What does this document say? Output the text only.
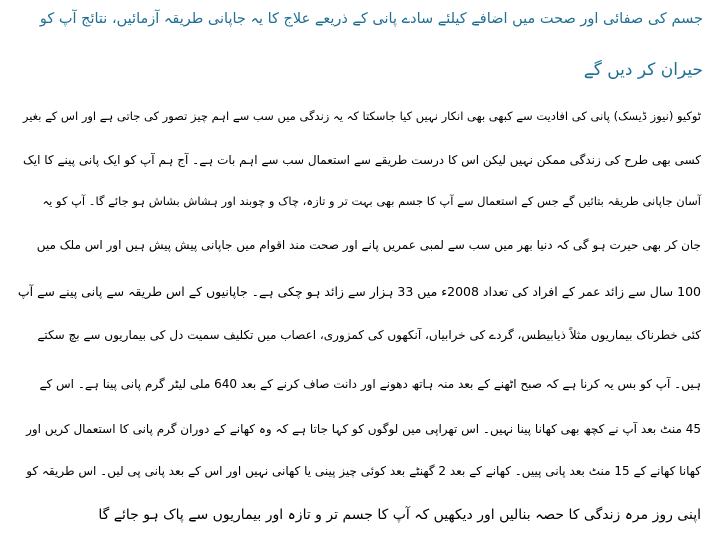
جسم کی صفائی اور صحت میں اضافے کیلئے سادے پانی کے ذریعے علاج کا یہ جاپانی طریقہ آزمائیں، نتائج آپ کو
حیران کر دیں گے
ٹوکیو (نیوز ڈیسک) پانی کی افادیت سے کبھی بھی انکار نہیں کیا جاسکتا کہ یہ زندگی میں سب سے اہم چیز تصور کی جاتی ہے اور اس کے بغیر
کسی بھی طرح کی زندگی ممکن نہیں لیکن اس کا درست طریقے سے استعمال سب سے اہم بات ہے۔ آج ہم آپ کو ایک پانی پینے کا ایک
آسان جاپانی طریقہ بتائیں گے جس کے استعمال سے آپ کا جسم بھی بہت تر و تازہ، چاک و چوبند اور ہشاش بشاش ہو جائے گا۔ آپ کو یہ
جان کر بھی حیرت ہو گی کہ دنیا بھر میں سب سے لمبی عمریں پانے اور صحت مند اقوام میں جاپانی پیش پیش ہیں اور اس ملک میں
100 سال سے زائد عمر کے افراد کی تعداد 2008ء میں 33 ہزار سے زائد ہو چکی ہے۔ جاپانیوں کے اس طریقہ سے پانی پینے سے آپ
کئی خطرناک بیماریوں مثلاً ذیابیطس، گردے کی خرابیاں، آنکھوں کی کمزوری، اعصاب میں تکلیف سمیت دل کی بیماریوں سے بچ سکتے
ہیں۔ آپ کو بس یہ کرنا ہے کہ صبح اٹھنے کے بعد منہ ہاتھ دھونے اور دانت صاف کرنے کے بعد 640 ملی لیٹر گرم پانی پینا ہے۔ اس کے
45 منٹ بعد آپ نے کچھ بھی کھانا پینا نہیں۔ اس تھراپی میں لوگوں کو کہا جاتا ہے کہ وہ کھانے کے دوران گرم پانی کا استعمال کریں اور
کھانا کھانے کے 15 منٹ بعد پانی پییں۔ کھانے کے بعد 2 گھنٹے بعد کوئی چیز پینی یا کھانی نہیں اور اس کے بعد پانی پی لیں۔ اس طریقہ کو
اپنی روز مرہ زندگی کا حصہ بنالیں اور دیکھیں کہ آپ کا جسم تر و تازہ اور بیماریوں سے پاک ہو جائے گا
